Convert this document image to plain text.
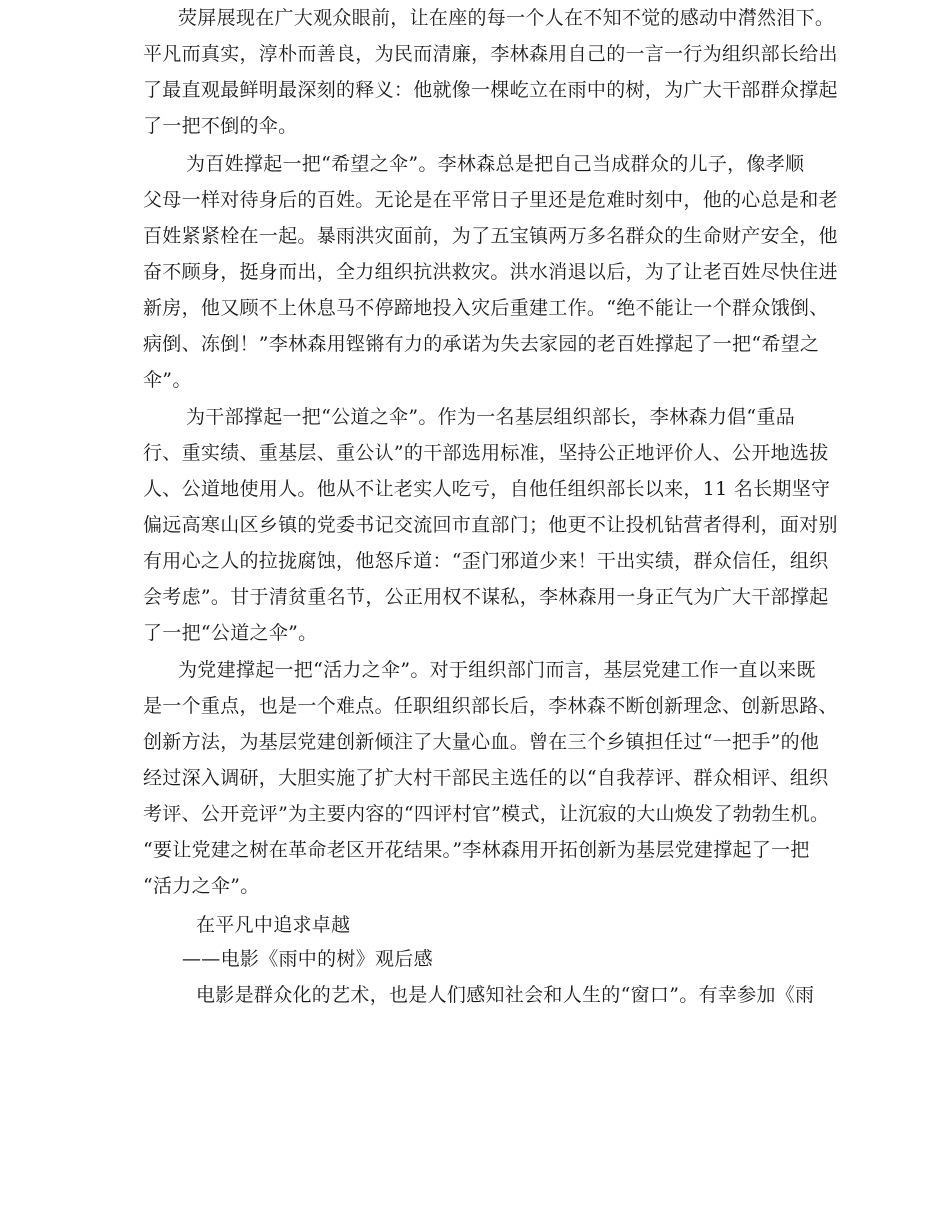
荧屏展现在广大观众眼前，让在座的每一个人在不知不觉的感动中潸然泪下。
平凡而真实，淳朴而善良，为民而清廉，李林森用自己的一言一行为组织部长给出
了最直观最鲜明最深刻的释义：他就像一棵屹立在雨中的树，为广大干部群众撑起
了一把不倒的伞。
为百姓撑起一把“希望之伞”。李林森总是把自己当成群众的儿子，像孝顺
父母一样对待身后的百姓。无论是在平常日子里还是危难时刻中，他的心总是和老
百姓紧紧栓在一起。暴雨洪灾面前，为了五宝镇两万多名群众的生命财产安全，他
奋不顾身，挺身而出，全力组织抗洪救灾。洪水消退以后，为了让老百姓尽快住进
新房，他又顾不上休息马不停蹄地投入灾后重建工作。“绝不能让一个群众饿倒、
病倒、冻倒！”李林森用铿锵有力的承诺为失去家园的老百姓撑起了一把“希望之
伞”。
为干部撑起一把“公道之伞”。作为一名基层组织部长，李林森力倡“重品
行、重实绩、重基层、重公认”的干部选用标准，坚持公正地评价人、公开地选拔
人、公道地使用人。他从不让老实人吃亏，自他任组织部长以来，11 名长期坚守
偏远高寒山区乡镇的党委书记交流回市直部门；他更不让投机钻营者得利，面对别
有用心之人的拉拢腐蚀，他怒斥道：“歪门邪道少来！干出实绩，群众信任，组织
会考虑”。甘于清贫重名节，公正用权不谋私，李林森用一身正气为广大干部撑起
了一把“公道之伞”。
为党建撑起一把“活力之伞”。对于组织部门而言，基层党建工作一直以来既
是一个重点，也是一个难点。任职组织部长后，李林森不断创新理念、创新思路、
创新方法，为基层党建创新倾注了大量心血。曾在三个乡镇担任过“一把手”的他
经过深入调研，大胆实施了扩大村干部民主选任的以“自我荐评、群众相评、组织
考评、公开竞评”为主要内容的“四评村官”模式，让沉寂的大山焕发了勃勃生机。
“要让党建之树在革命老区开花结果。”李林森用开拓创新为基层党建撑起了一把
“活力之伞”。
在平凡中追求卓越
——电影《雨中的树》观后感
电影是群众化的艺术，也是人们感知社会和人生的“窗口”。有幸参加《雨
